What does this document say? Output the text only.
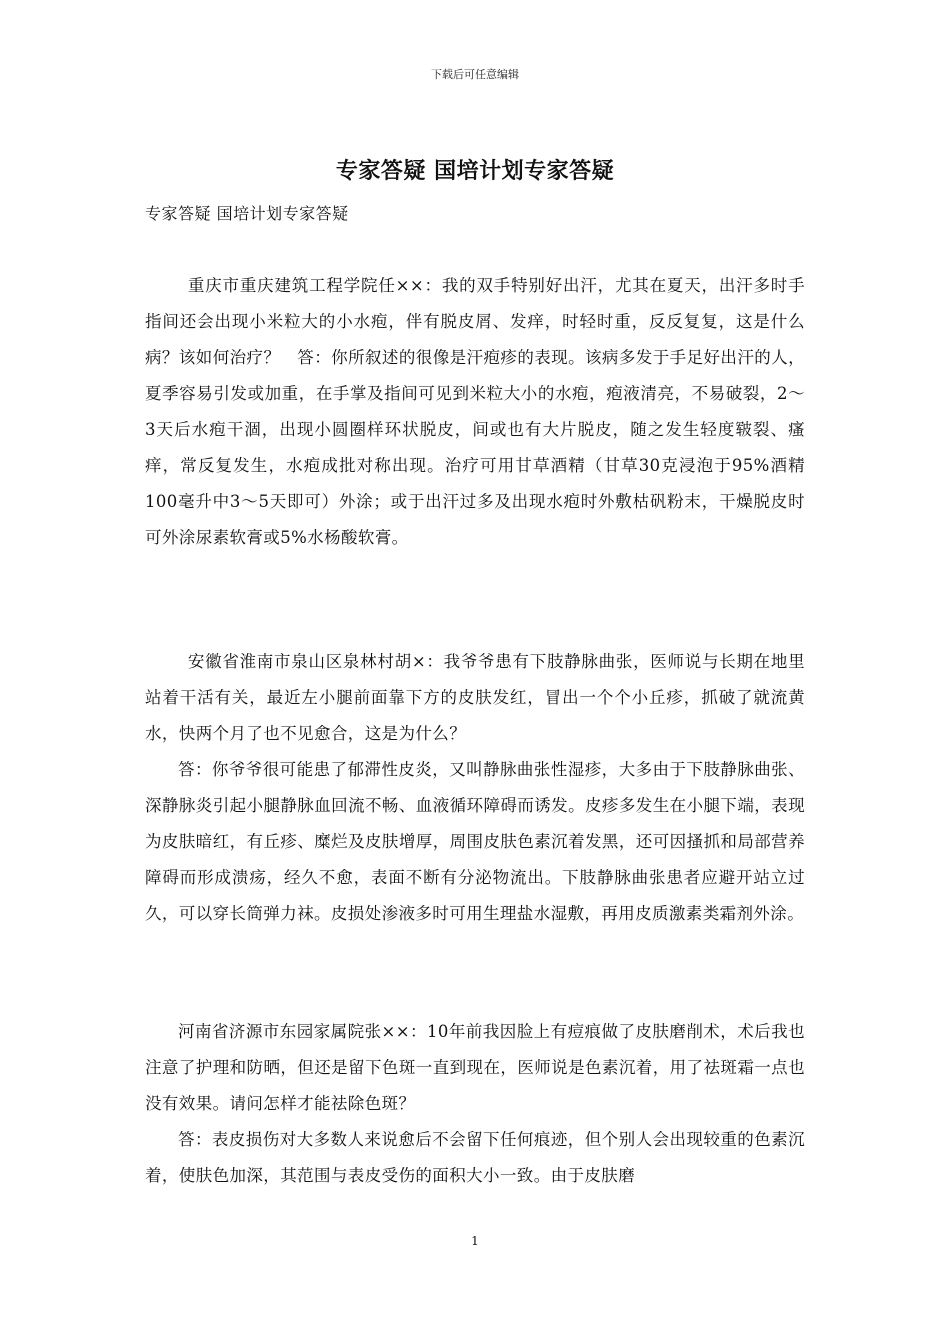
下载后可任意编辑
专家答疑 国培计划专家答疑
专家答疑 国培计划专家答疑

重庆市重庆建筑工程学院任××：我的双手特别好出汗，尤其在夏天，出汗多时手指间还会出现小米粒大的小水疱，伴有脱皮屑、发痒，时轻时重，反反复复，这是什么病？该如何治疗？　答：你所叙述的很像是汗疱疹的表现。该病多发于手足好出汗的人，夏季容易引发或加重，在手掌及指间可见到米粒大小的水疱，疱液清亮，不易破裂，2～3天后水疱干涸，出现小圆圈样环状脱皮，间或也有大片脱皮，随之发生轻度皲裂、瘙痒，常反复发生，水疱成批对称出现。治疗可用甘草酒精（甘草30克浸泡于95%酒精100毫升中3～5天即可）外涂；或于出汗过多及出现水疱时外敷枯矾粉末，干燥脱皮时可外涂尿素软膏或5%水杨酸软膏。

安徽省淮南市泉山区泉林村胡×：我爷爷患有下肢静脉曲张，医师说与长期在地里站着干活有关，最近左小腿前面靠下方的皮肤发红，冒出一个个小丘疹，抓破了就流黄水，快两个月了也不见愈合，这是为什么？

答：你爷爷很可能患了郁滞性皮炎，又叫静脉曲张性湿疹，大多由于下肢静脉曲张、深静脉炎引起小腿静脉血回流不畅、血液循环障碍而诱发。皮疹多发生在小腿下端，表现为皮肤暗红，有丘疹、糜烂及皮肤增厚，周围皮肤色素沉着发黑，还可因搔抓和局部营养障碍而形成溃疡，经久不愈，表面不断有分泌物流出。下肢静脉曲张患者应避开站立过久，可以穿长筒弹力袜。皮损处渗液多时可用生理盐水湿敷，再用皮质激素类霜剂外涂。

河南省济源市东园家属院张××：10年前我因脸上有痘痕做了皮肤磨削术，术后我也注意了护理和防晒，但还是留下色斑一直到现在，医师说是色素沉着，用了祛斑霜一点也没有效果。请问怎样才能祛除色斑？

答：表皮损伤对大多数人来说愈后不会留下任何痕迹，但个别人会出现较重的色素沉着，使肤色加深，其范围与表皮受伤的面积大小一致。由于皮肤磨

1
